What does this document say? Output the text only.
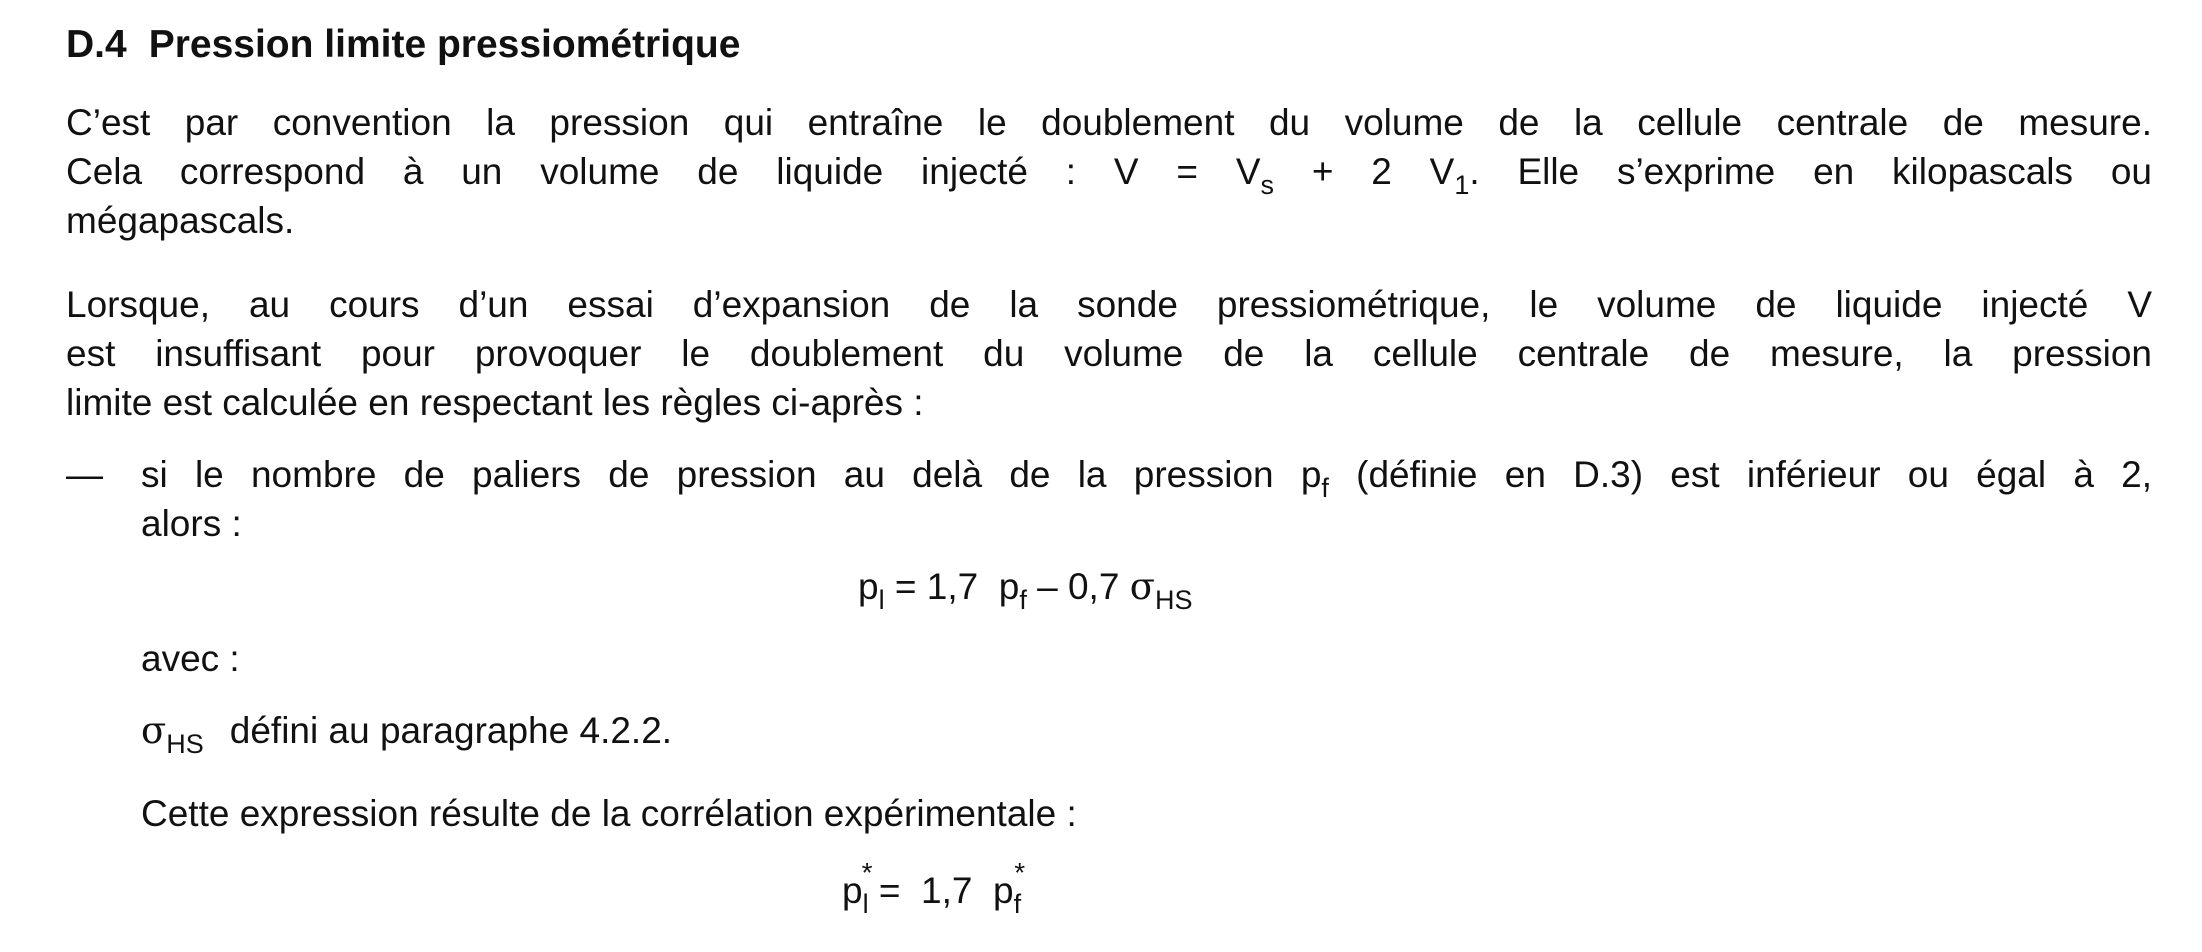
D.4 Pression limite pressiométrique
C’est par convention la pression qui entraîne le doublement du volume de la cellule centrale de mesure.
Cela correspond à un volume de liquide injecté : $V = V_s + 2$ $V_1$. Elle s’exprime en kilopascals ou
mégapascals.
Lorsque, au cours d’un essai d’expansion de la sonde pressiométrique, le volume de liquide injecté V
est insuffisant pour provoquer le doublement du volume de la cellule centrale de mesure, la pression
limite est calculée en respectant les règles ci-après :
— si le nombre de paliers de pression au delà de la pression $p_f$ (définie en D.3) est inférieur ou égal à 2,
alors :
$p_l = 1,7$  $p_f - 0,7$ $\sigma_{HS}$
avec :
$\sigma_{HS}$ défini au paragraphe 4.2.2.
Cette expression résulte de la corrélation expérimentale :
$p_l$
*
=  1,7  $p_f$
*
